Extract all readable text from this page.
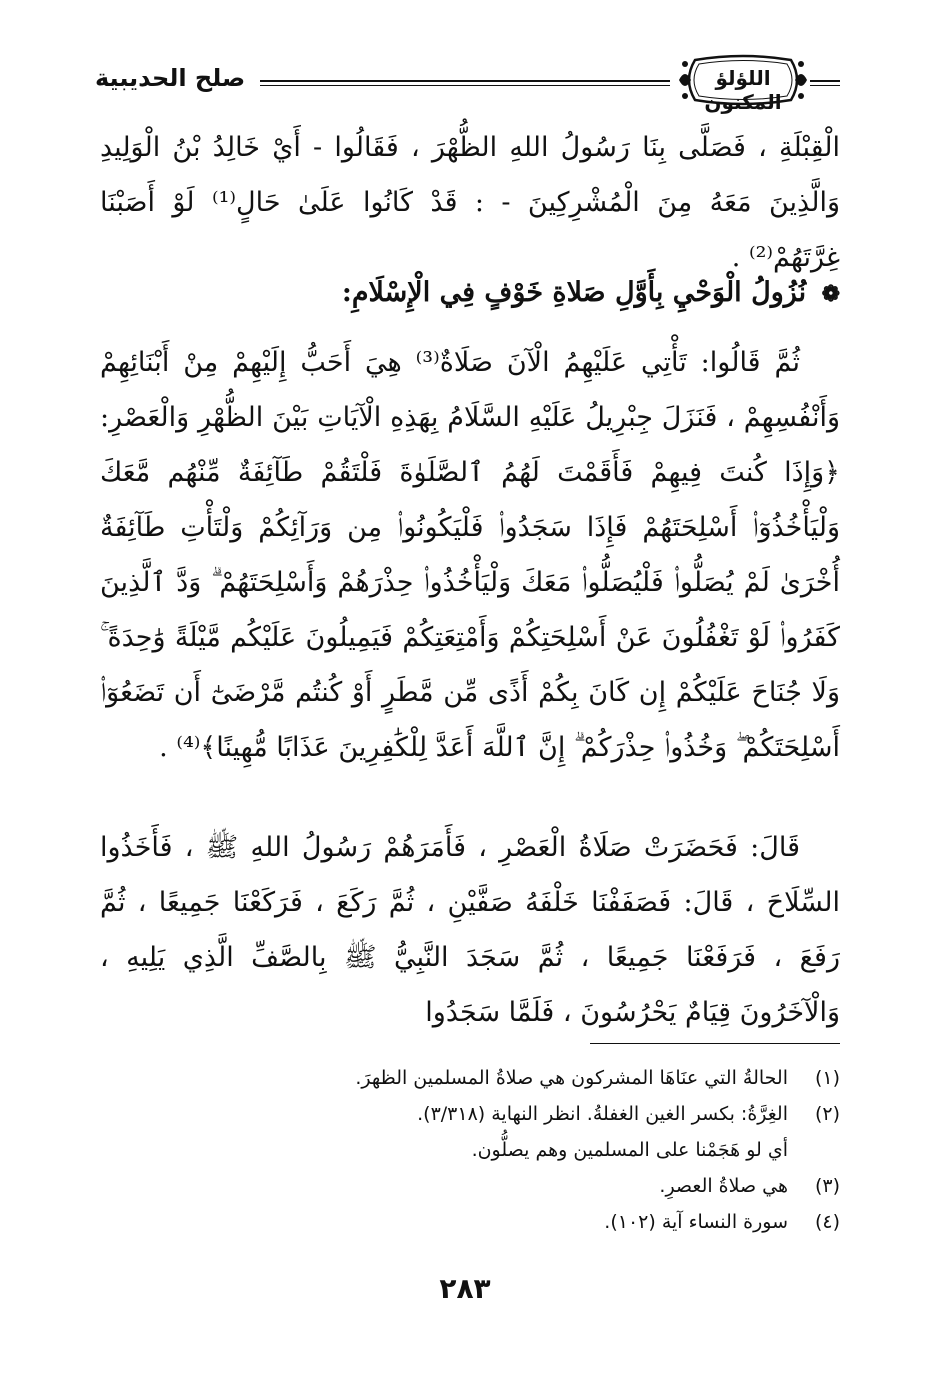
صلح الحديبية	اللؤلؤ المكنون

الْقِبْلَةِ ، فَصَلَّى بِنَا رَسُولُ اللهِ الظُّهْرَ ، فَقَالُوا - أَيْ خَالِدُ بْنُ الْوَلِيدِ وَالَّذِينَ مَعَهُ مِنَ الْمُشْرِكِينَ - : قَدْ كَانُوا عَلَىٰ حَالٍ⁽¹⁾ لَوْ أَصَبْنَا غِرَّتَهُمْ⁽²⁾ .

❁ نُزُولُ الْوَحْيِ بِأَوَّلِ صَلاةِ خَوْفٍ فِي الْإِسْلَامِ:

ثُمَّ قَالُوا: تَأْتِي عَلَيْهِمُ الْآنَ صَلَاةٌ⁽³⁾ هِيَ أَحَبُّ إِلَيْهِمْ مِنْ أَبْنَائِهِمْ وَأَنْفُسِهِمْ ، فَنَزَلَ جِبْرِيلُ عَلَيْهِ السَّلَامُ بِهَذِهِ الْآيَاتِ بَيْنَ الظُّهْرِ وَالْعَصْرِ: ﴿وَإِذَا كُنتَ فِيهِمْ فَأَقَمْتَ لَهُمُ ٱلصَّلَوٰةَ فَلْتَقُمْ طَآئِفَةٌ مِّنْهُم مَّعَكَ وَلْيَأْخُذُوٓا۟ أَسْلِحَتَهُمْ فَإِذَا سَجَدُوا۟ فَلْيَكُونُوا۟ مِن وَرَآئِكُمْ وَلْتَأْتِ طَآئِفَةٌ أُخْرَىٰ لَمْ يُصَلُّوا۟ فَلْيُصَلُّوا۟ مَعَكَ وَلْيَأْخُذُوا۟ حِذْرَهُمْ وَأَسْلِحَتَهُمْ ۗ وَدَّ ٱلَّذِينَ كَفَرُوا۟ لَوْ تَغْفُلُونَ عَنْ أَسْلِحَتِكُمْ وَأَمْتِعَتِكُمْ فَيَمِيلُونَ عَلَيْكُم مَّيْلَةً وَٰحِدَةً ۚ وَلَا جُنَاحَ عَلَيْكُمْ إِن كَانَ بِكُمْ أَذًى مِّن مَّطَرٍ أَوْ كُنتُم مَّرْضَىٰٓ أَن تَضَعُوٓا۟ أَسْلِحَتَكُمْ ۖ وَخُذُوا۟ حِذْرَكُمْ ۗ إِنَّ ٱللَّهَ أَعَدَّ لِلْكَٰفِرِينَ عَذَابًا مُّهِينًا﴾⁽⁴⁾ .

قَالَ: فَحَضَرَتْ صَلَاةُ الْعَصْرِ ، فَأَمَرَهُمْ رَسُولُ اللهِ ﷺ ، فَأَخَذُوا السِّلَاحَ ، قَالَ: فَصَفَفْنَا خَلْفَهُ صَفَّيْنِ ، ثُمَّ رَكَعَ ، فَرَكَعْنَا جَمِيعًا ، ثُمَّ رَفَعَ ، فَرَفَعْنَا جَمِيعًا ، ثُمَّ سَجَدَ النَّبِيُّ ﷺ بِالصَّفِّ الَّذِي يَلِيهِ ، وَالْآخَرُونَ قِيَامٌ يَحْرُسُونَ ، فَلَمَّا سَجَدُوا

(١)الحالةُ التي عنَاهَا المشركون هي صلاةُ المسلمين الظهرَ.
(٢)الغِرَّةُ: بكسر الغين الغفلةُ. انظر النهاية (٣/٣١٨).
أي لو هَجَمْنا على المسلمين وهم يصلُّون.
(٣)هي صلاةُ العصرِ.
(٤)سورة النساء آية (١٠٢).
٢٨٣
